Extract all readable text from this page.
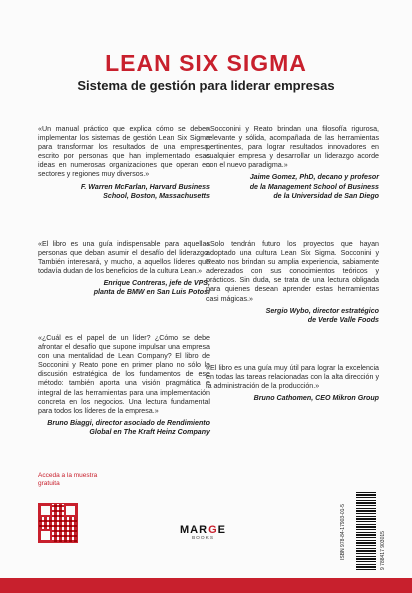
LEAN SIX SIGMA
Sistema de gestión para liderar empresas
«Un manual práctico que explica cómo se deben implementar los sistemas de gestión Lean Six Sigma para transformar los resultados de una empresa, escrito por personas que han implementado esas ideas en numerosas organizaciones que operan en sectores y regiones muy diversos.»
F. Warren McFarlan, Harvard Business
School, Boston, Massachusetts
«El libro es una guía indispensable para aquellas personas que deban asumir el desafío del liderazgo. También interesará, y mucho, a aquellos líderes que todavía dudan de los beneficios de la cultura Lean.»
Enrique Contreras, jefe de VPS,
planta de BMW en San Luis Potosí
«¿Cuál es el papel de un líder? ¿Cómo se debe afrontar el desafío que supone impulsar una empresa con una mentalidad de Lean Company? El libro de Socconini y Reato pone en primer plano no sólo la discusión estratégica de los fundamentos de ese método: también aporta una visión pragmática e integral de las herramientas para una implementación concreta en los negocios. Una lectura fundamental para todos los líderes de la empresa.»
Bruno Biaggi, director asociado de Rendimiento
Global en The Kraft Heinz Company
«Socconini y Reato brindan una filosofía rigurosa, relevante y sólida, acompañada de las herramientas pertinentes, para lograr resultados innovadores en cualquier empresa y desarrollar un liderazgo acorde con el nuevo paradigma.»
Jaime Gomez, PhD, decano y profesor
de la Management School of Business
de la Universidad de San Diego
«Solo tendrán futuro los proyectos que hayan adoptado una cultura Lean Six Sigma. Socconini y Reato nos brindan su amplia experiencia, sabiamente aderezados con sus conocimientos teóricos y prácticos. Sin duda, se trata de una lectura obligada para quienes desean aprender estas herramientas casi mágicas.»
Sergio Wybo, director estratégico
de Verde Valle Foods
«El libro es una guía muy útil para lograr la excelencia en todas las tareas relacionadas con la alta dirección y la administración de la producción.»
Bruno Cathomen, CEO Mikron Group
Acceda a la muestra gratuita
MARGE
BOOKS	ISBN 978-84-17903-01-5	9 788417 903015
